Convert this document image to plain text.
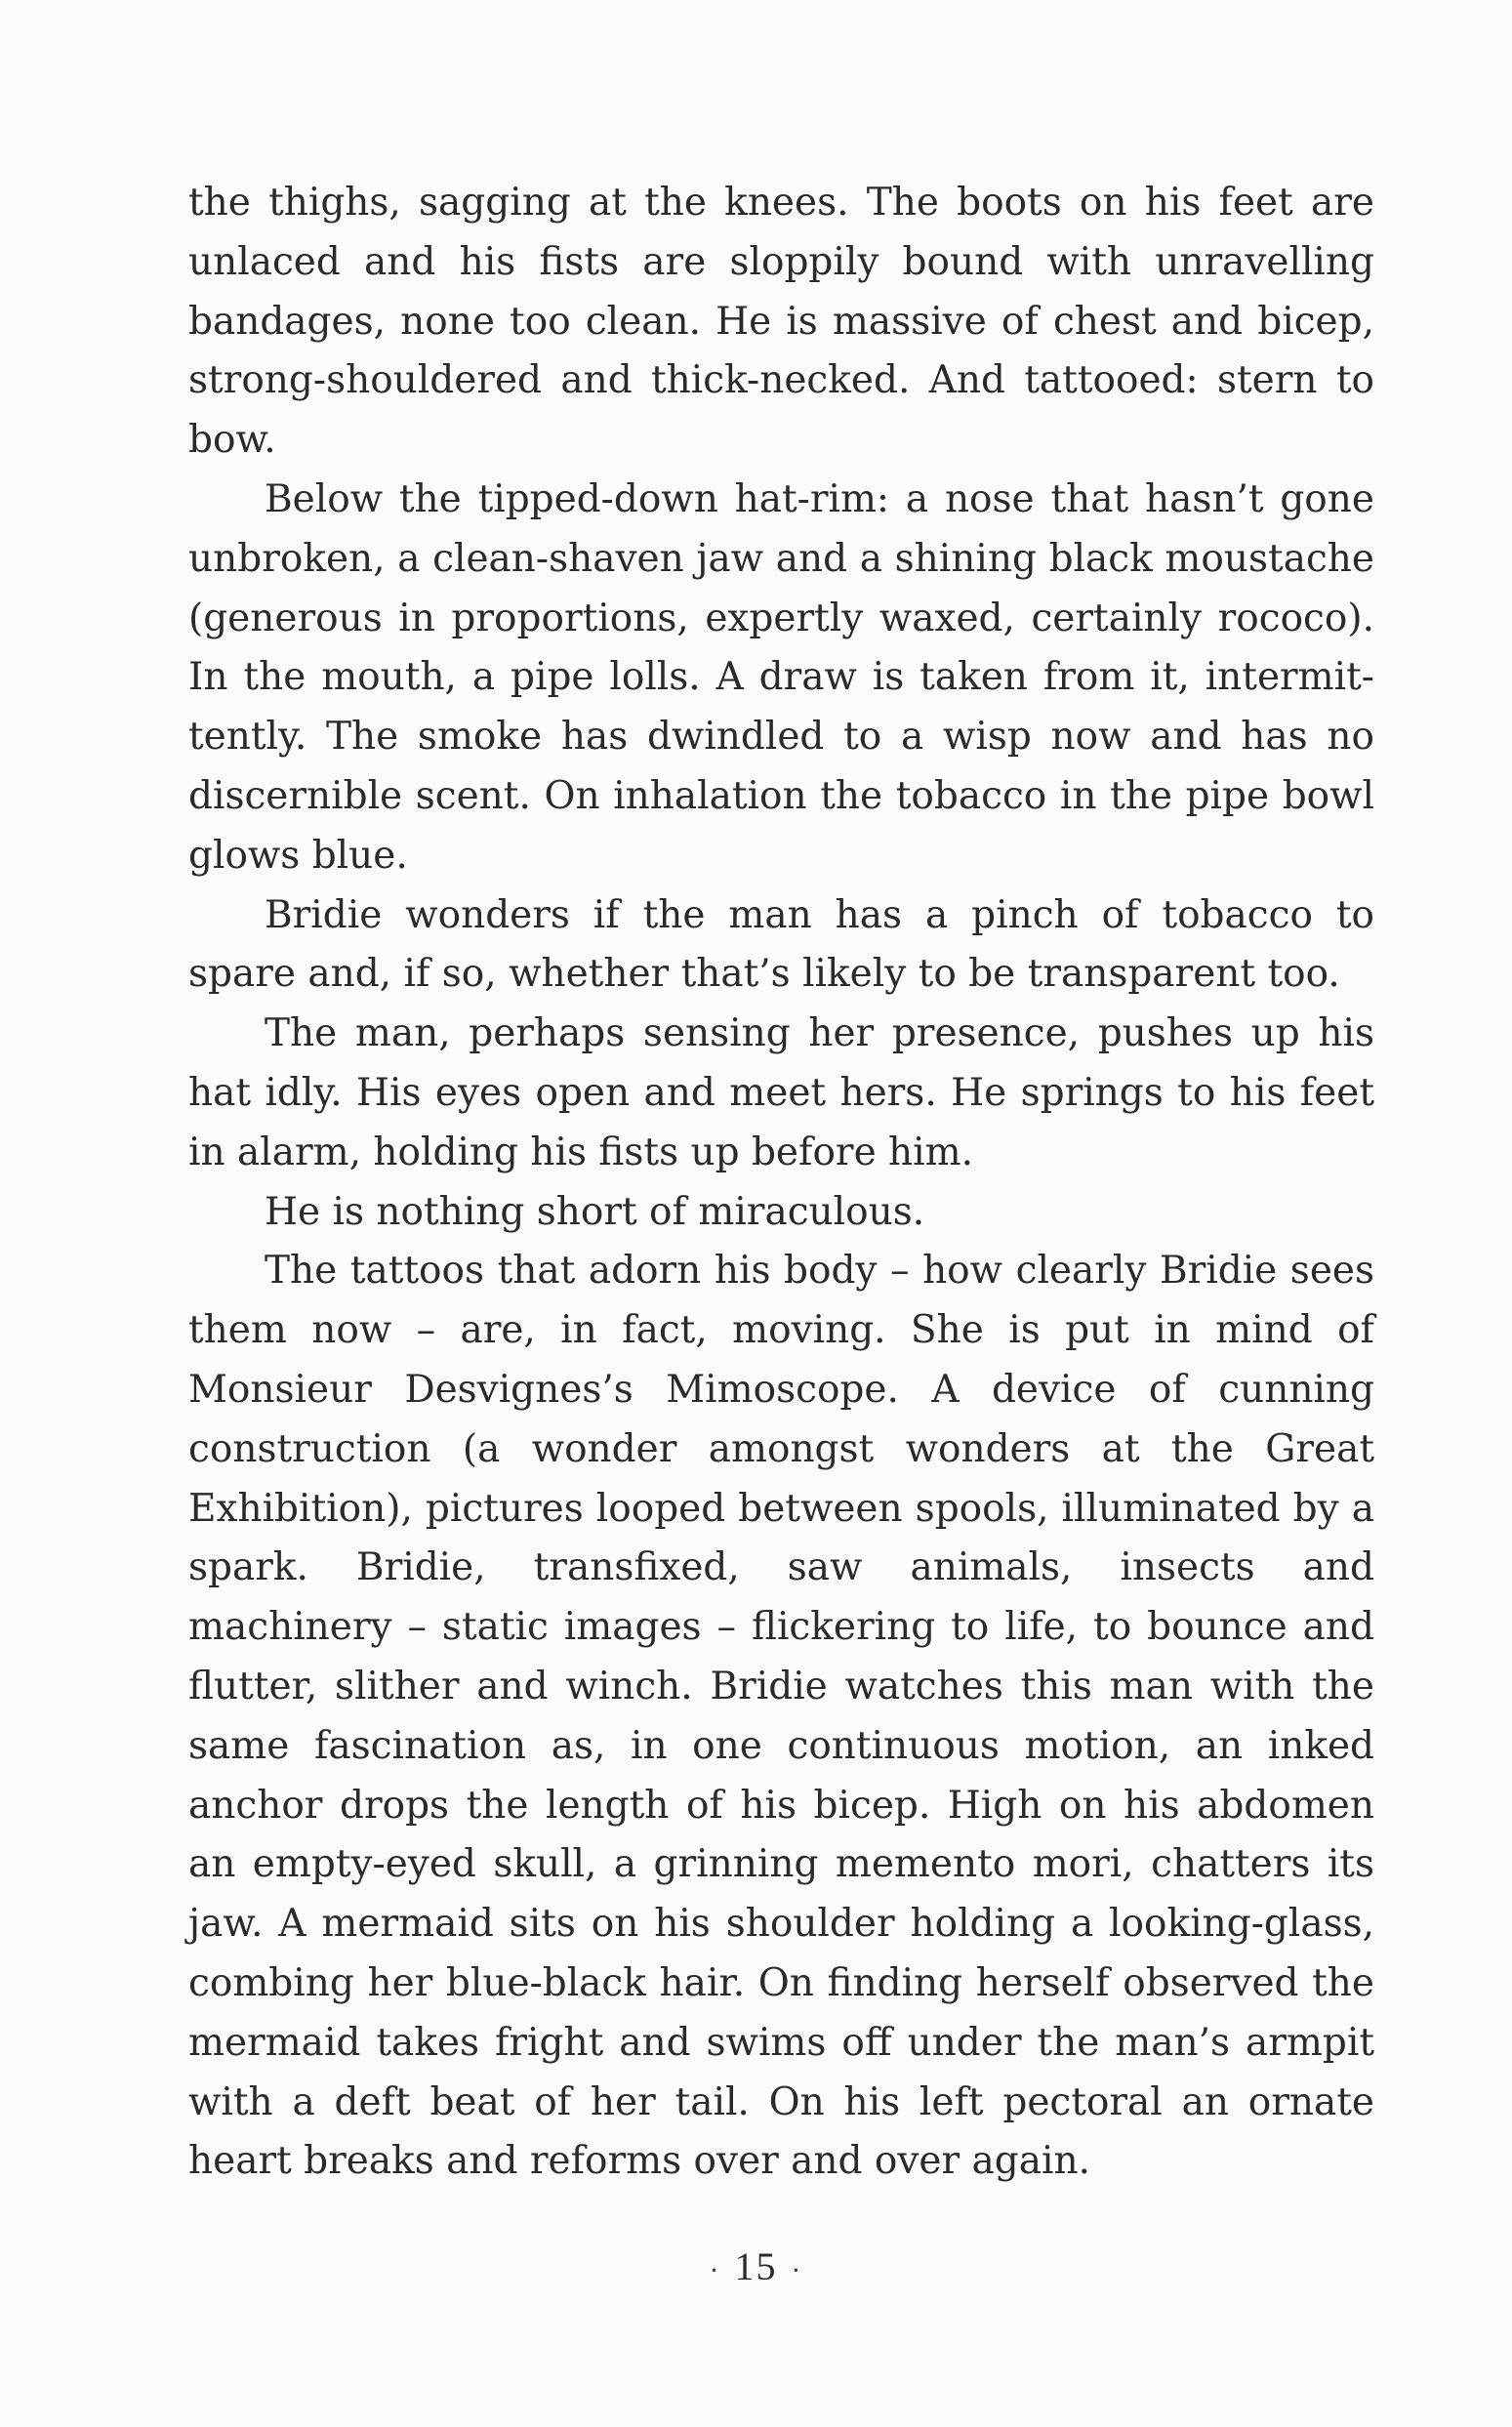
the thighs, sagging at the knees. The boots on his feet are unlaced and his fists are sloppily bound with unravelling bandages, none too clean. He is massive of chest and bicep, strong-shouldered and thick-necked. And tattooed: stern to bow.

Below the tipped-down hat-rim: a nose that hasn’t gone unbroken, a clean-shaven jaw and a shining black moustache (generous in proportions, expertly waxed, certainly rococo). In the mouth, a pipe lolls. A draw is taken from it, intermit-tently. The smoke has dwindled to a wisp now and has no discernible scent. On inhalation the tobacco in the pipe bowl glows blue.

Bridie wonders if the man has a pinch of tobacco to spare and, if so, whether that’s likely to be transparent too.

The man, perhaps sensing her presence, pushes up his hat idly. His eyes open and meet hers. He springs to his feet in alarm, holding his fists up before him.

He is nothing short of miraculous.

The tattoos that adorn his body – how clearly Bridie sees them now – are, in fact, moving. She is put in mind of Monsieur Desvignes’s Mimoscope. A device of cunning construction (a wonder amongst wonders at the Great Exhibition), pictures looped between spools, illuminated by a spark. Bridie, transfixed, saw animals, insects and machinery – static images – flickering to life, to bounce and flutter, slither and winch. Bridie watches this man with the same fascination as, in one continuous motion, an inked anchor drops the length of his bicep. High on his abdomen an empty-eyed skull, a grinning memento mori, chatters its jaw. A mermaid sits on his shoulder holding a looking-glass, combing her blue-black hair. On finding herself observed the mermaid takes fright and swims off under the man’s armpit with a deft beat of her tail. On his left pectoral an ornate heart breaks and reforms over and over again.

· 15 ·
